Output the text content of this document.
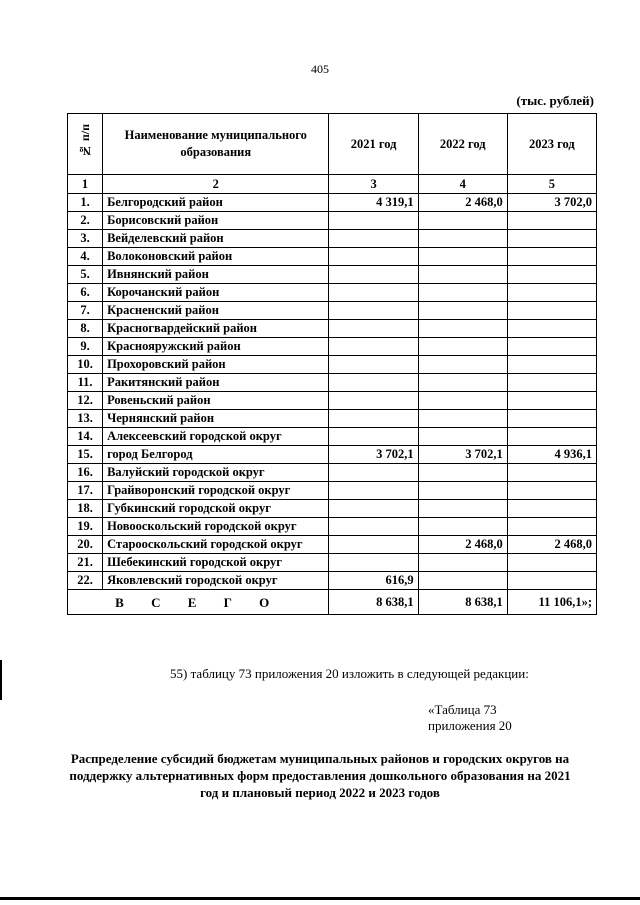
405
(тыс. рублей)
№ п/п	Наименование муниципального образования	2021 год	2022 год	2023 год
1	2	3	4	5
1.	Белгородский район	4 319,1	2 468,0	3 702,0
2.	Борисовский район			
3.	Вейделевский район			
4.	Волоконовский район			
5.	Ивнянский район			
6.	Корочанский район			
7.	Красненский район			
8.	Красногвардейский район			
9.	Краснояружский район			
10.	Прохоровский район			
11.	Ракитянский район			
12.	Ровеньский район			
13.	Чернянский район			
14.	Алексеевский городской округ			
15.	город Белгород	3 702,1	3 702,1	4 936,1
16.	Валуйский городской округ			
17.	Грайворонский городской округ			
18.	Губкинский городской округ			
19.	Новооскольский городской округ			
20.	Старооскольский городской округ		2 468,0	2 468,0
21.	Шебекинский городской округ			
22.	Яковлевский городской округ	616,9		
В С Е Г О		8 638,1	8 638,1	11 106,1»;
55) таблицу 73 приложения 20 изложить в следующей редакции:
«Таблица 73
приложения 20
Распределение субсидий бюджетам муниципальных районов и городских округов на поддержку альтернативных форм предоставления дошкольного образования на 2021 год и плановый период 2022 и 2023 годов
